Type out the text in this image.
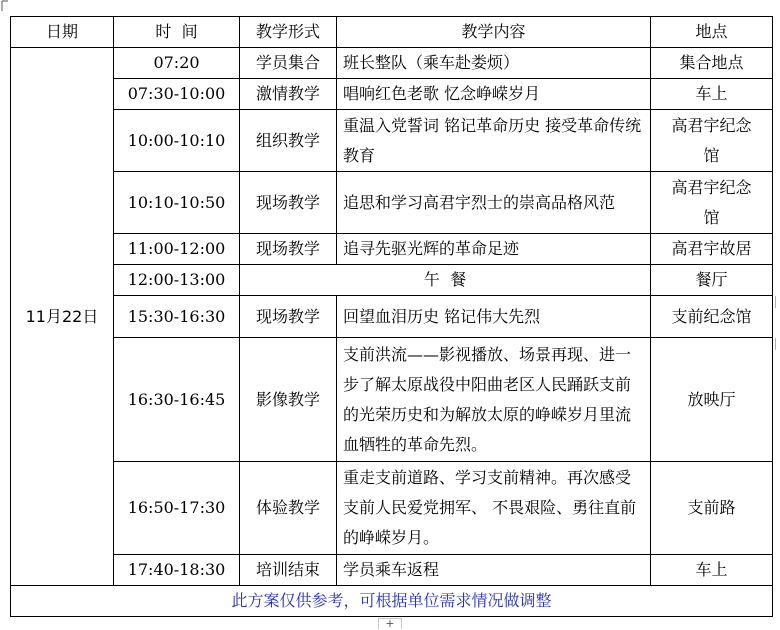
日期	时  间	教学形式	教学内容	地点
11月22日	07:20	学员集合	班长整队（乘车赴娄烦）	集合地点
	07:30-10:00	激情教学	唱响红色老歌 忆念峥嵘岁月	车上
	10:00-10:10	组织教学	重温入党誓词 铭记革命历史 接受革命传统教育	高君宇纪念馆
	10:10-10:50	现场教学	追思和学习高君宇烈士的崇高品格风范	高君宇纪念馆
	11:00-12:00	现场教学	追寻先驱光辉的革命足迹	高君宇故居
	12:00-13:00	午  餐		餐厅
	15:30-16:30	现场教学	回望血泪历史 铭记伟大先烈	支前纪念馆
	16:30-16:45	影像教学	支前洪流——影视播放、场景再现、进一步了解太原战役中阳曲老区人民踊跃支前的光荣历史和为解放太原的峥嵘岁月里流血牺牲的革命先烈。	放映厅
	16:50-17:30	体验教学	重走支前道路、学习支前精神。再次感受支前人民爱党拥军、 不畏艰险、勇往直前的峥嵘岁月。	支前路
	17:40-18:30	培训结束	学员乘车返程	车上
此方案仅供参考，可根据单位需求情况做调整				
+
